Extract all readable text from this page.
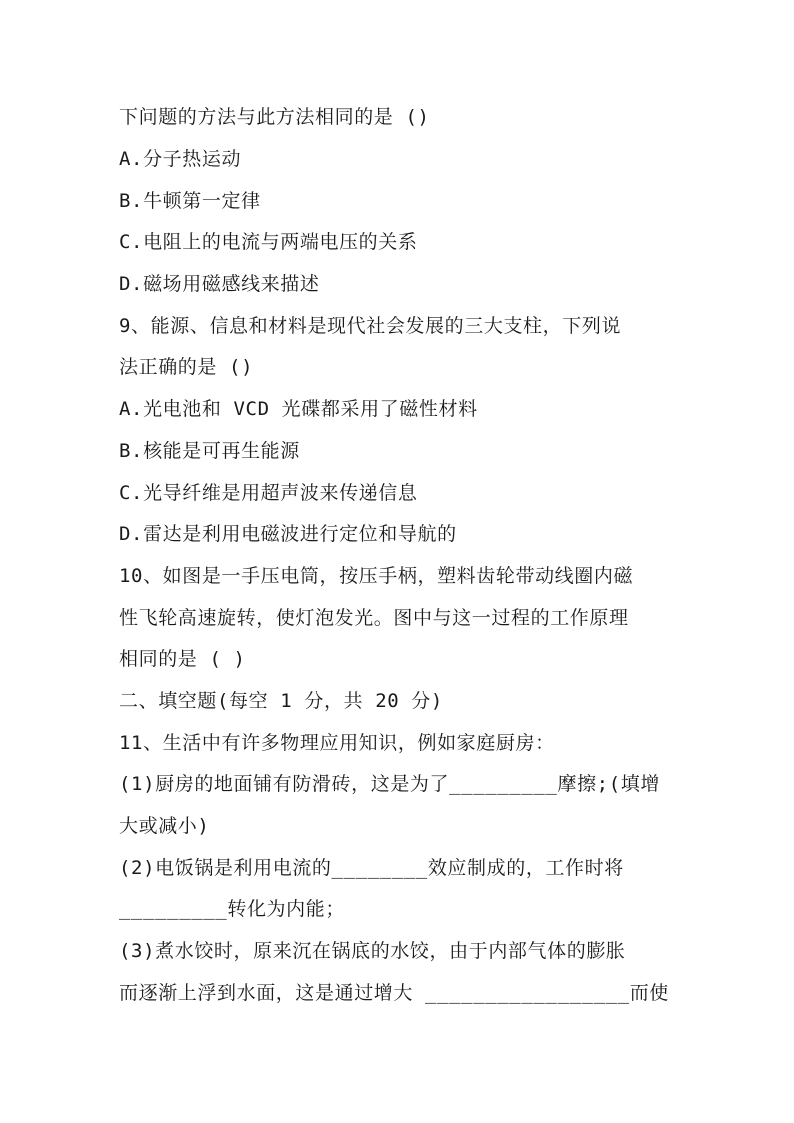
下问题的方法与此方法相同的是 ()
A.分子热运动
B.牛顿第一定律
C.电阻上的电流与两端电压的关系
D.磁场用磁感线来描述
9、能源、信息和材料是现代社会发展的三大支柱，下列说
法正确的是 ()
A.光电池和 VCD 光碟都采用了磁性材料
B.核能是可再生能源
C.光导纤维是用超声波来传递信息
D.雷达是利用电磁波进行定位和导航的
10、如图是一手压电筒，按压手柄，塑料齿轮带动线圈内磁
性飞轮高速旋转，使灯泡发光。图中与这一过程的工作原理
相同的是 ( )
二、填空题(每空 1 分，共 20 分)
11、生活中有许多物理应用知识，例如家庭厨房：
(1)厨房的地面铺有防滑砖，这是为了_________摩擦;(填增
大或减小)
(2)电饭锅是利用电流的________效应制成的，工作时将
_________转化为内能；
(3)煮水饺时，原来沉在锅底的水饺，由于内部气体的膨胀
而逐渐上浮到水面，这是通过增大 _________________而使
